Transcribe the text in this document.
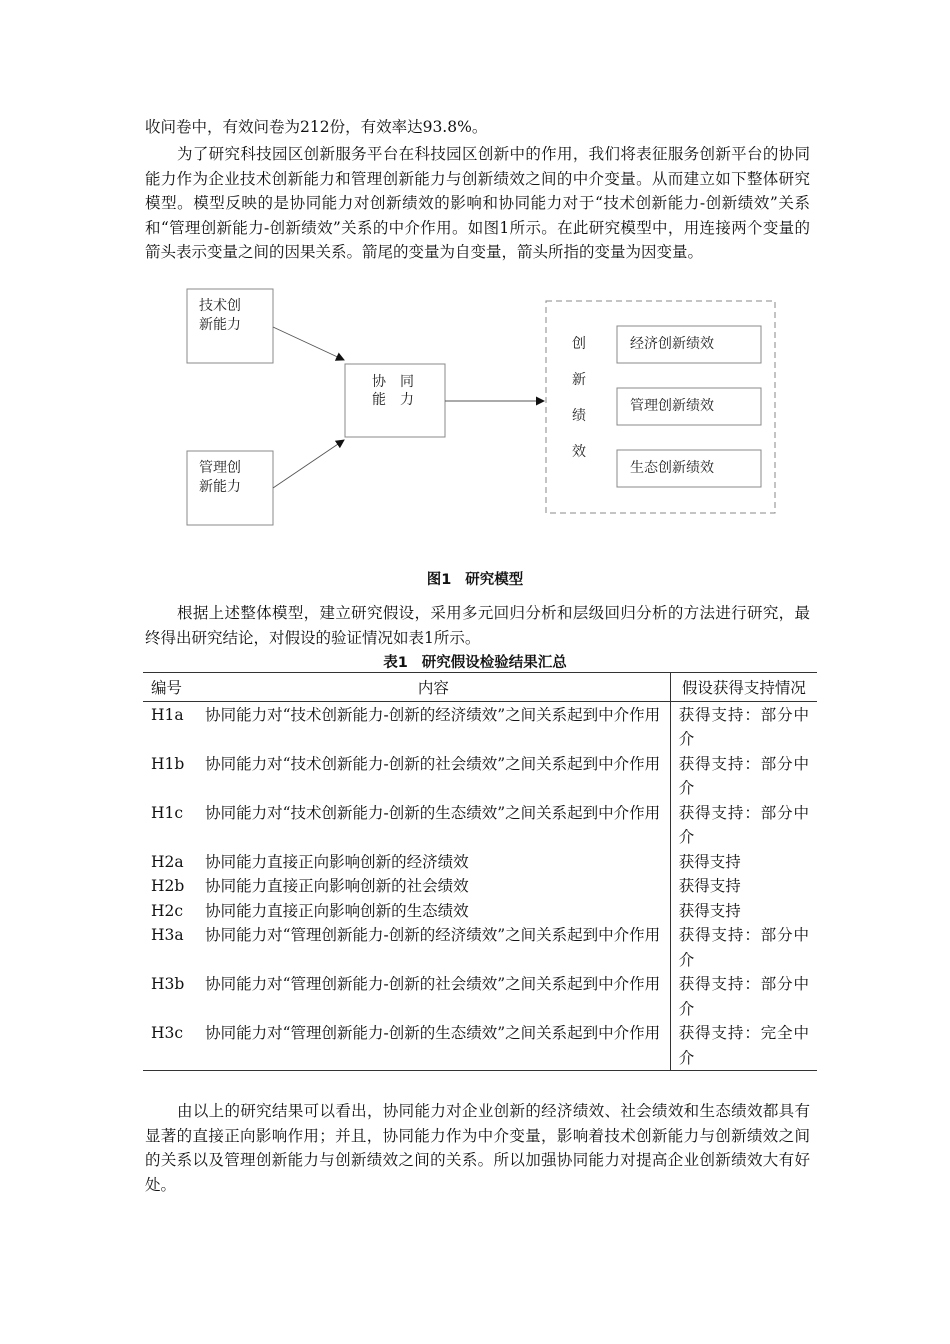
收问卷中，有效问卷为212份，有效率达93.8%。

为了研究科技园区创新服务平台在科技园区创新中的作用，我们将表征服务创新平台的协同能力作为企业技术创新能力和管理创新能力与创新绩效之间的中介变量。从而建立如下整体研究模型。模型反映的是协同能力对创新绩效的影响和协同能力对于“技术创新能力-创新绩效”关系和“管理创新能力-创新绩效”关系的中介作用。如图1所示。在此研究模型中，用连接两个变量的箭头表示变量之间的因果关系。箭尾的变量为自变量，箭头所指的变量为因变量。

技术创
新能力
管理创
新能力
协　同
能　力
创
新
绩
效
经济创新绩效
管理创新绩效
生态创新绩效
图1 研究模型

根据上述整体模型，建立研究假设，采用多元回归分析和层级回归分析的方法进行研究，最终得出研究结论，对假设的验证情况如表1所示。

表1 研究假设检验结果汇总
编号	内容	假设获得支持情况
H1a	协同能力对“技术创新能力-创新的经济绩效”之间关系起到中介作用	获得支持：部分中介
H1b	协同能力对“技术创新能力-创新的社会绩效”之间关系起到中介作用	获得支持：部分中介
H1c	协同能力对“技术创新能力-创新的生态绩效”之间关系起到中介作用	获得支持：部分中介
H2a	协同能力直接正向影响创新的经济绩效	获得支持
H2b	协同能力直接正向影响创新的社会绩效	获得支持
H2c	协同能力直接正向影响创新的生态绩效	获得支持
H3a	协同能力对“管理创新能力-创新的经济绩效”之间关系起到中介作用	获得支持：部分中介
H3b	协同能力对“管理创新能力-创新的社会绩效”之间关系起到中介作用	获得支持：部分中介
H3c	协同能力对“管理创新能力-创新的生态绩效”之间关系起到中介作用	获得支持：完全中介

由以上的研究结果可以看出，协同能力对企业创新的经济绩效、社会绩效和生态绩效都具有显著的直接正向影响作用；并且，协同能力作为中介变量，影响着技术创新能力与创新绩效之间的关系以及管理创新能力与创新绩效之间的关系。所以加强协同能力对提高企业创新绩效大有好处。
